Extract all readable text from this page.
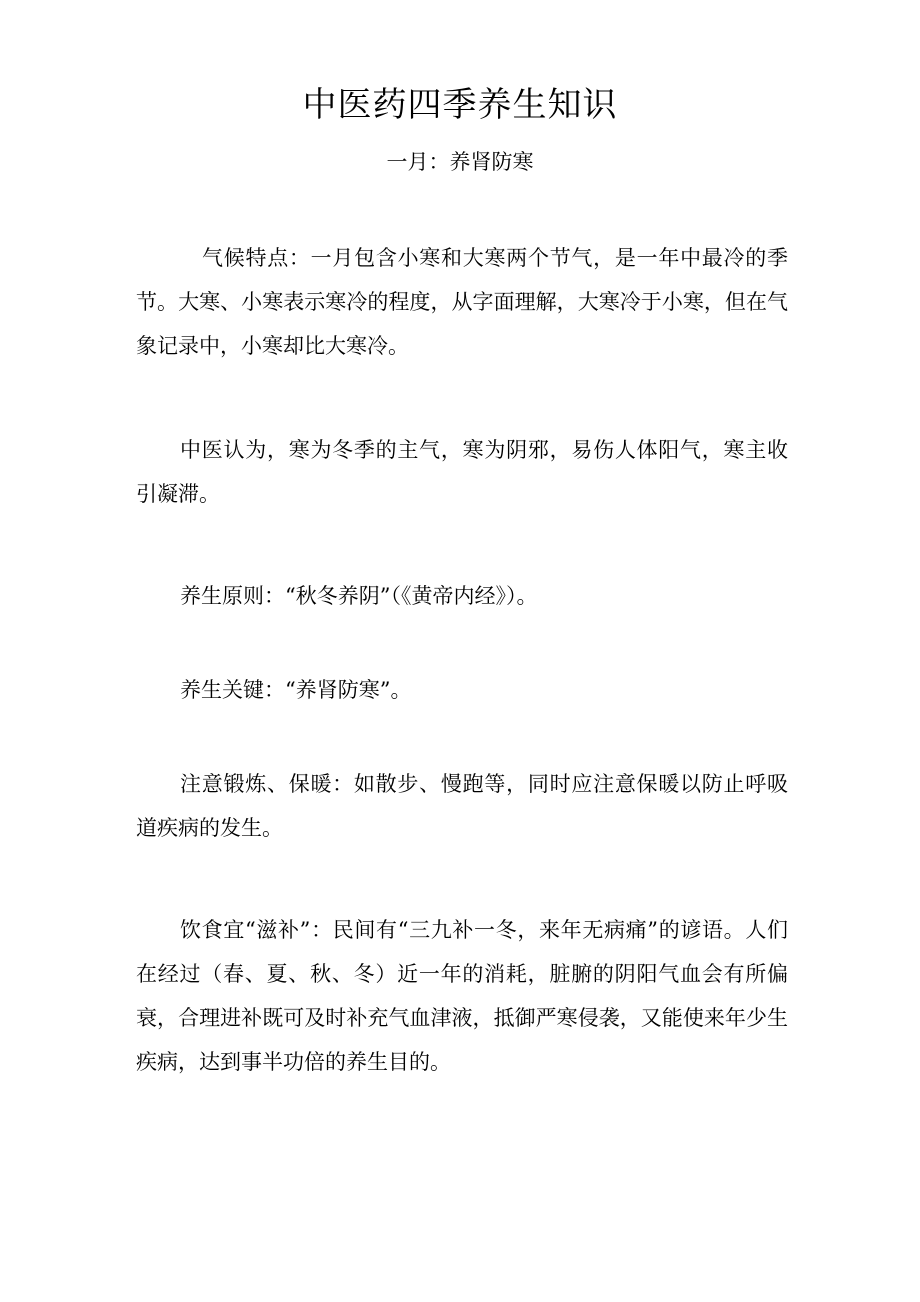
中医药四季养生知识
一月：养肾防寒

气候特点：一月包含小寒和大寒两个节气，是一年中最冷的季节。大寒、小寒表示寒冷的程度，从字面理解，大寒冷于小寒，但在气象记录中，小寒却比大寒冷。

中医认为，寒为冬季的主气，寒为阴邪，易伤人体阳气，寒主收引凝滞。

养生原则：“秋冬养阴”（《黄帝内经》）。

养生关键：“养肾防寒”。

注意锻炼、保暖：如散步、慢跑等，同时应注意保暖以防止呼吸道疾病的发生。

饮食宜“滋补”：民间有“三九补一冬，来年无病痛”的谚语。人们在经过（春、夏、秋、冬）近一年的消耗，脏腑的阴阳气血会有所偏衰，合理进补既可及时补充气血津液，抵御严寒侵袭，又能使来年少生疾病，达到事半功倍的养生目的。
